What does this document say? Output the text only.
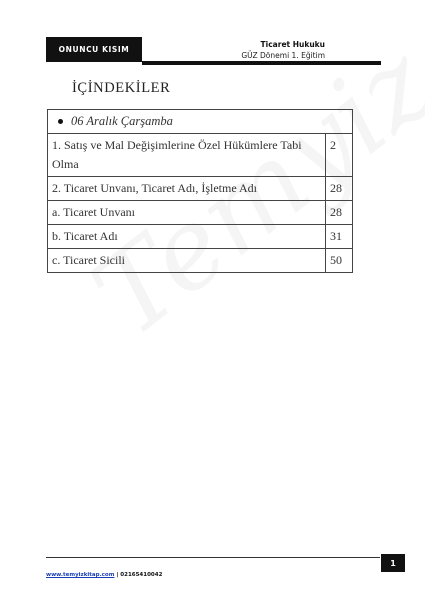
ONUNCU KISIM
Ticaret Hukuku
GÜZ Dönemi 1. Eğitim
İÇİNDEKİLER
06 Aralık Çarşamba	
1. Satış ve Mal Değişimlerine Özel Hükümlere Tabi Olma	2
2. Ticaret Unvanı, Ticaret Adı, İşletme Adı	28
a. Ticaret Unvanı	28
b. Ticaret Adı	31
c. Ticaret Sicili	50
1
www.temyizkitap.com | 02165410042
